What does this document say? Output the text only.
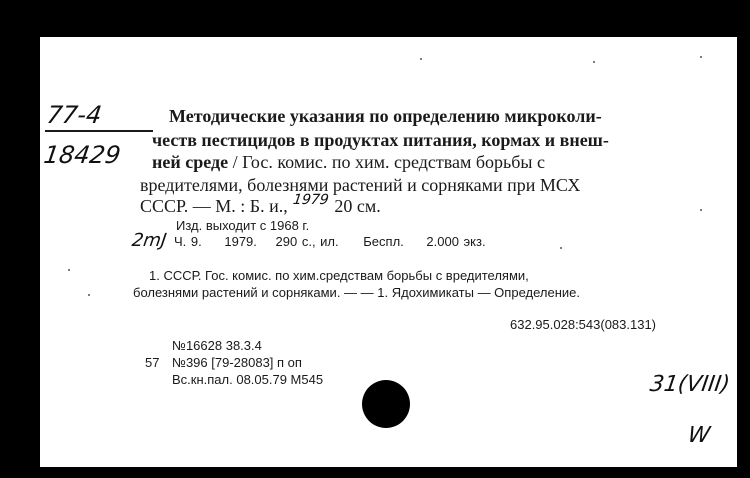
77-4
18429
Методические указания по определению микроколи-
честв пестицидов в продуктах питания, кормах и внеш-
ней среде / Гос. комис. по хим. средствам борьбы с
вредителями, болезнями растений и сорняками при МСХ
СССР. — М. : Б. и., 1979 20 см.
Изд. выходит с 1968 г.
2mJ Ч. 9. 1979. 290 с., ил. Беспл. 2.000 экз.
1. СССР. Гос. комис. по хим.средствам борьбы с вредителями,
болезнями растений и сорняками. — — 1. Ядохимикаты — Определение.
632.95.028:543(083.131)
№16628 38.3.4
57 №396 [79-28083] п оп
Вс.кн.пал. 08.05.79 М545	31(VIII)
W
